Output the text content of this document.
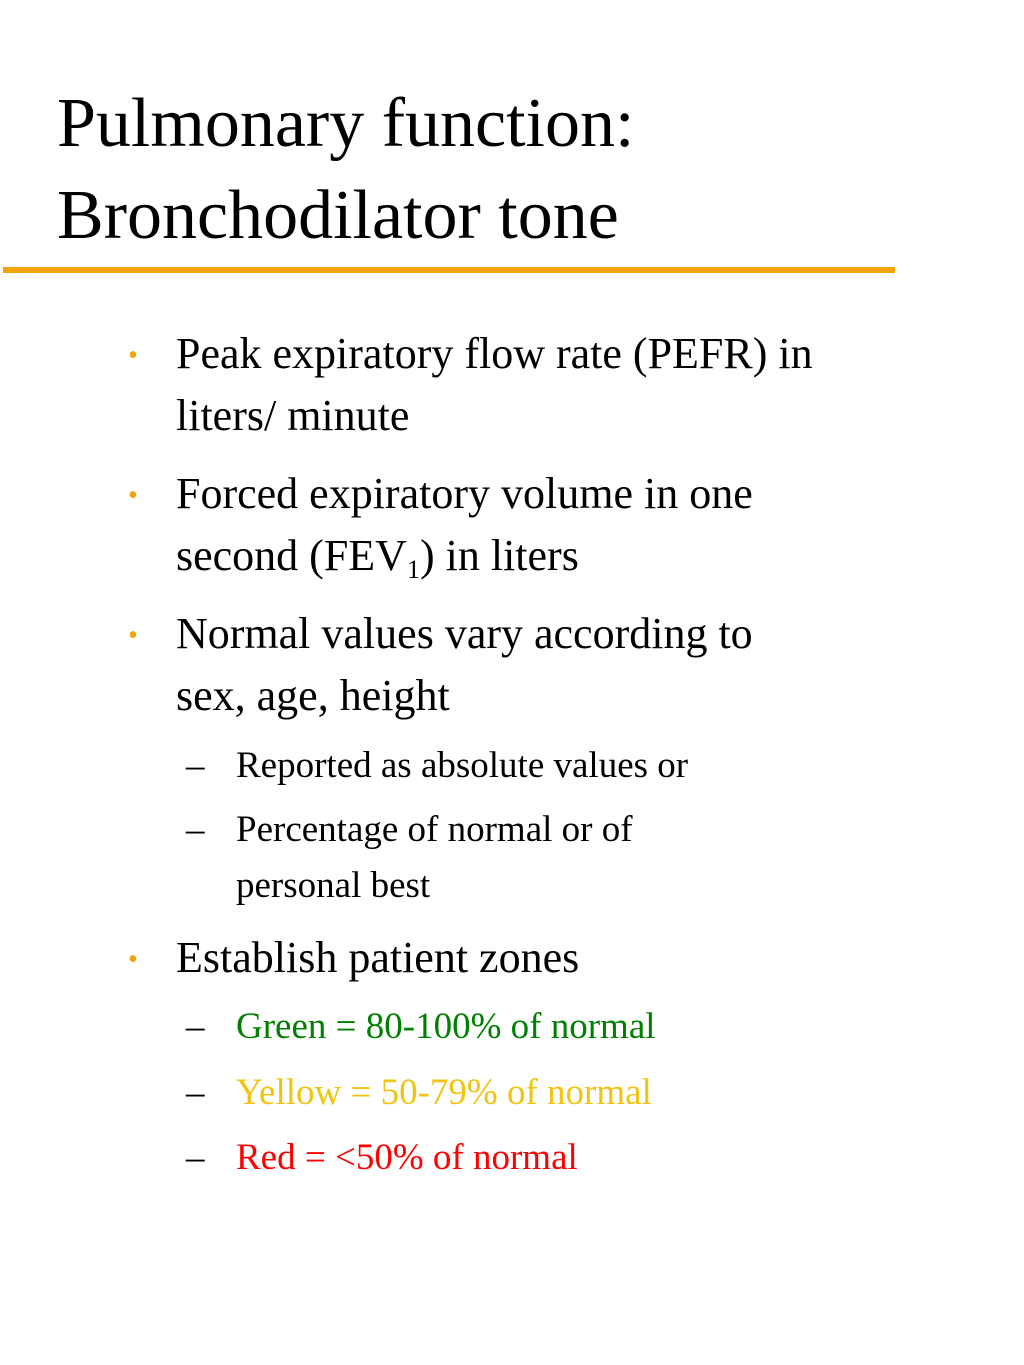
Pulmonary function:
Bronchodilator tone
• Peak expiratory flow rate (PEFR) in
liters/ minute
• Forced expiratory volume in one
second $(FEV_1)$ in liters
• Normal values vary according to
sex, age, height
– Reported as absolute values or
– Percentage of normal or of
personal best
• Establish patient zones
– Green = 80-100% of normal
– Yellow = 50-79% of normal
– Red = <50% of normal
